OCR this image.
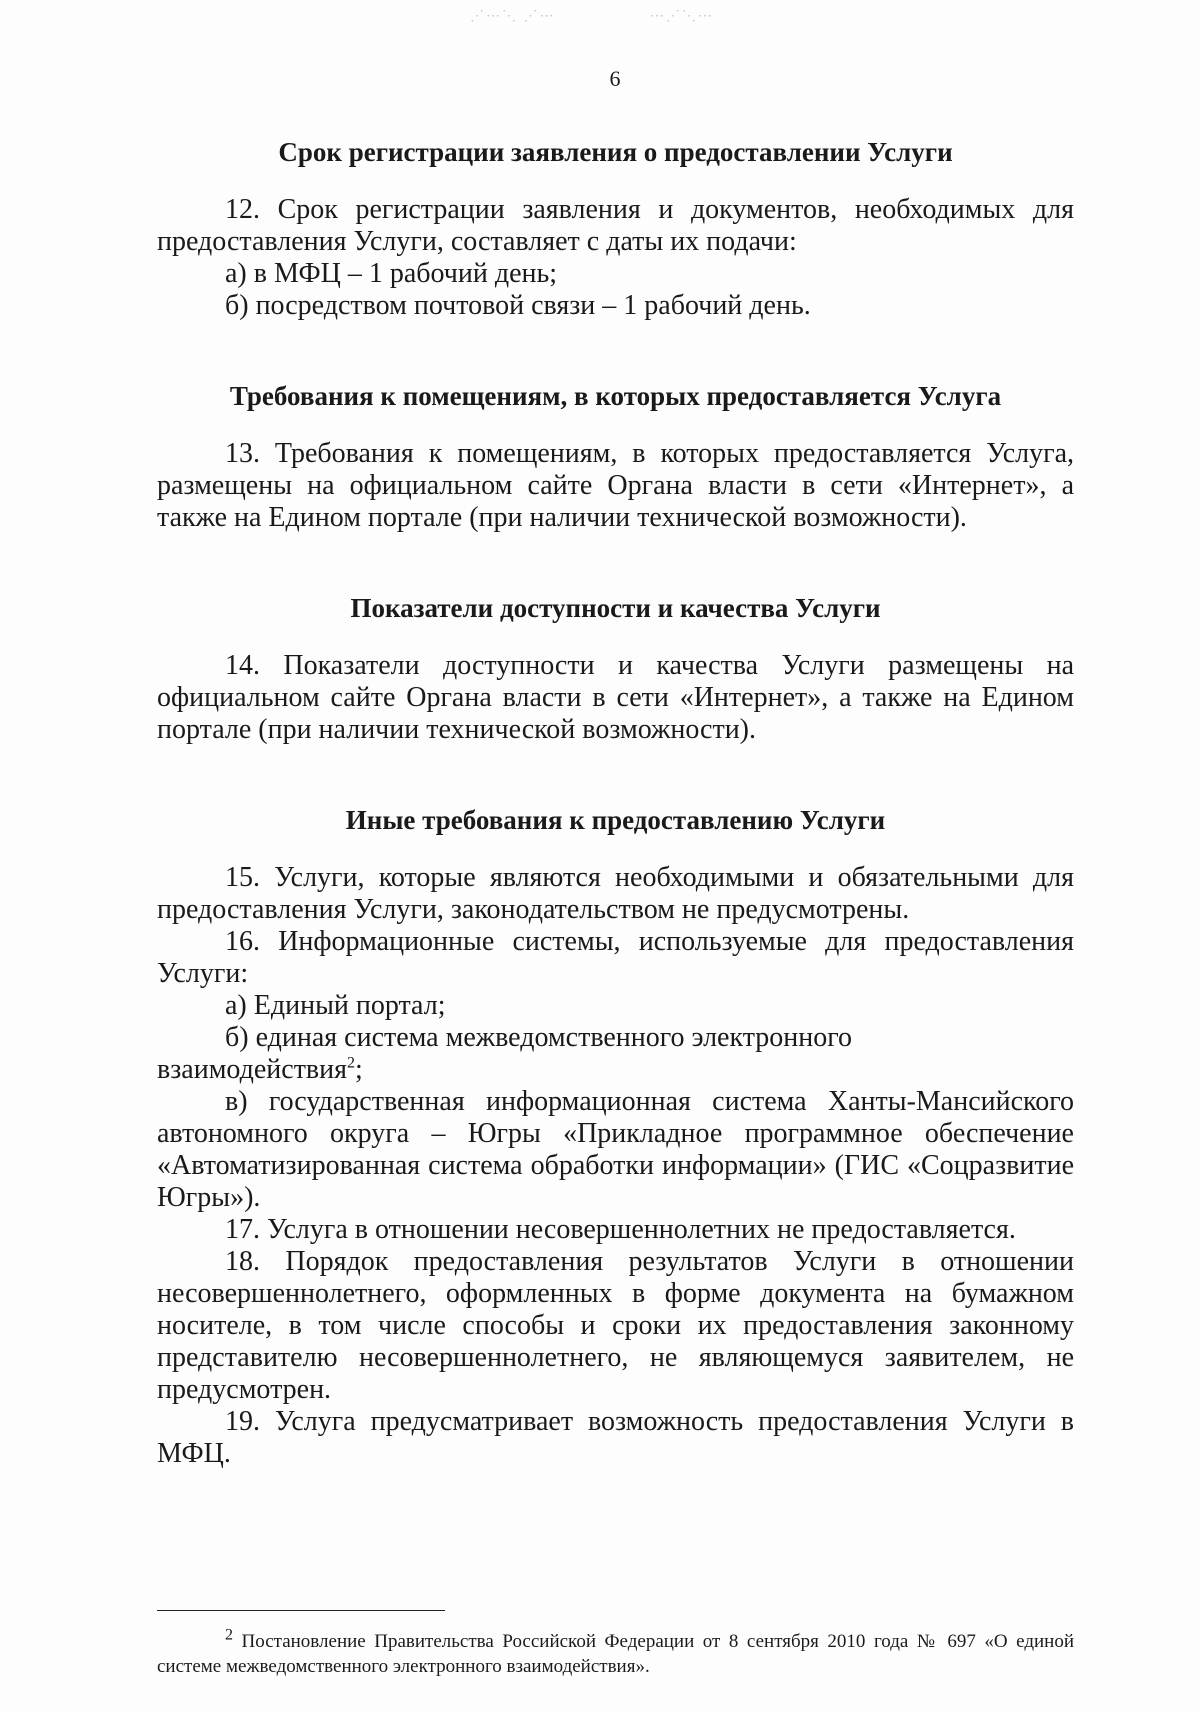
⋰⋯⋱ ⋰⋯	⋯⋰⋱⋯
6
Срок регистрации заявления о предоставлении Услуги

12. Срок регистрации заявления и документов, необходимых для предоставления Услуги, составляет с даты их подачи:

а) в МФЦ – 1 рабочий день;

б) посредством почтовой связи – 1 рабочий день.

Требования к помещениям, в которых предоставляется Услуга

13. Требования к помещениям, в которых предоставляется Услуга, размещены на официальном сайте Органа власти в сети «Интернет», а также на Едином портале (при наличии технической возможности).

Показатели доступности и качества Услуги

14. Показатели доступности и качества Услуги размещены на официальном сайте Органа власти в сети «Интернет», а также на Едином портале (при наличии технической возможности).

Иные требования к предоставлению Услуги

15. Услуги, которые являются необходимыми и обязательными для предоставления Услуги, законодательством не предусмотрены.

16. Информационные системы, используемые для предоставления Услуги:

а) Единый портал;

б) единая система межведомственного электронного

взаимодействия$^2$;

в) государственная информационная система Ханты-Мансийского автономного округа – Югры «Прикладное программное обеспечение «Автоматизированная система обработки информации» (ГИС «Соцразвитие Югры»).

17. Услуга в отношении несовершеннолетних не предоставляется.

18. Порядок предоставления результатов Услуги в отношении несовершеннолетнего, оформленных в форме документа на бумажном носителе, в том числе способы и сроки их предоставления законному представителю несовершеннолетнего, не являющемуся заявителем, не предусмотрен.

19. Услуга предусматривает возможность предоставления Услуги в МФЦ.

$^2$ Постановление Правительства Российской Федерации от 8 сентября 2010 года № 697 «О единой системе межведомственного электронного взаимодействия».
